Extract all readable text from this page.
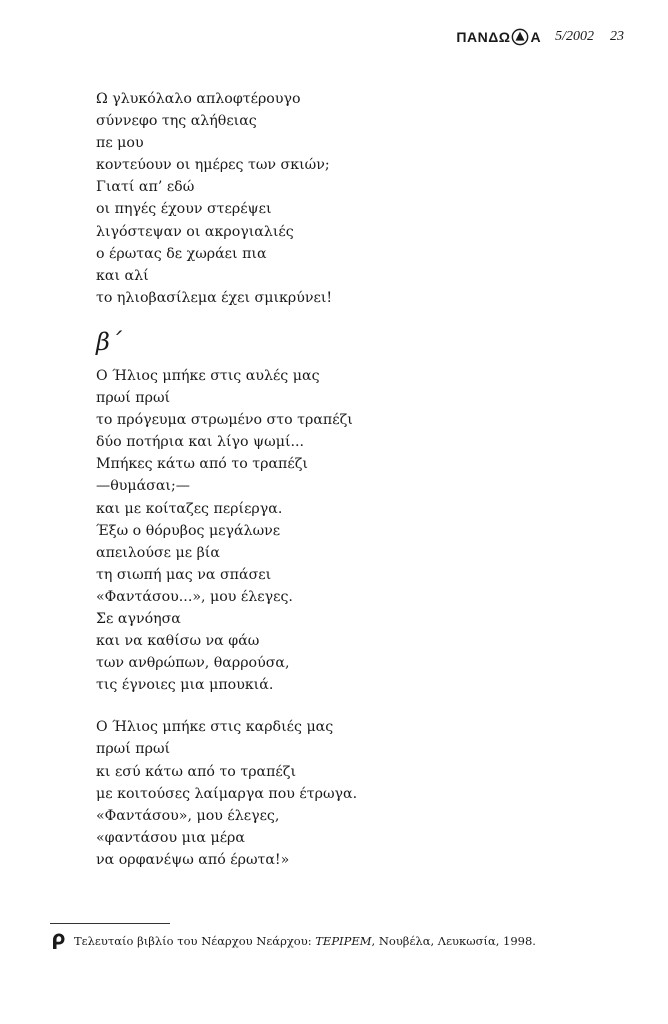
ΠΑΝΔΩ Α 5/2002 23
Ω γλυκόλαλο απλοφτέρουγο
σύννεφο της αλήθειας
πε μου
κοντεύουν οι ημέρες των σκιών;
Γιατί απ’ εδώ
οι πηγές έχουν στερέψει
λιγόστεψαν οι ακρογιαλιές
ο έρωτας δε χωράει πια
και αλί
το ηλιοβασίλεμα έχει σμικρύνει!
β΄
Ο Ήλιος μπήκε στις αυλές μας
πρωί πρωί
το πρόγευμα στρωμένο στο τραπέζι
δύο ποτήρια και λίγο ψωμί...
Μπήκες κάτω από το τραπέζι
—θυμάσαι;—
και με κοίταζες περίεργα.
Έξω ο θόρυβος μεγάλωνε
απειλούσε με βία
τη σιωπή μας να σπάσει
«Φαντάσου...», μου έλεγες.
Σε αγνόησα
και να καθίσω να φάω
των ανθρώπων, θαρρούσα,
τις έγνοιες μια μπουκιά.
Ο Ήλιος μπήκε στις καρδιές μας
πρωί πρωί
κι εσύ κάτω από το τραπέζι
με κοιτούσες λαίμαργα που έτρωγα.
«Φαντάσου», μου έλεγες,
«φαντάσου μια μέρα
να ορφανέψω από έρωτα!»
Τελευταίο βιβλίο του Νέαρχου Νεάρχου: ΤΕΡΙΡΕΜ, Νουβέλα, Λευκωσία, 1998.
